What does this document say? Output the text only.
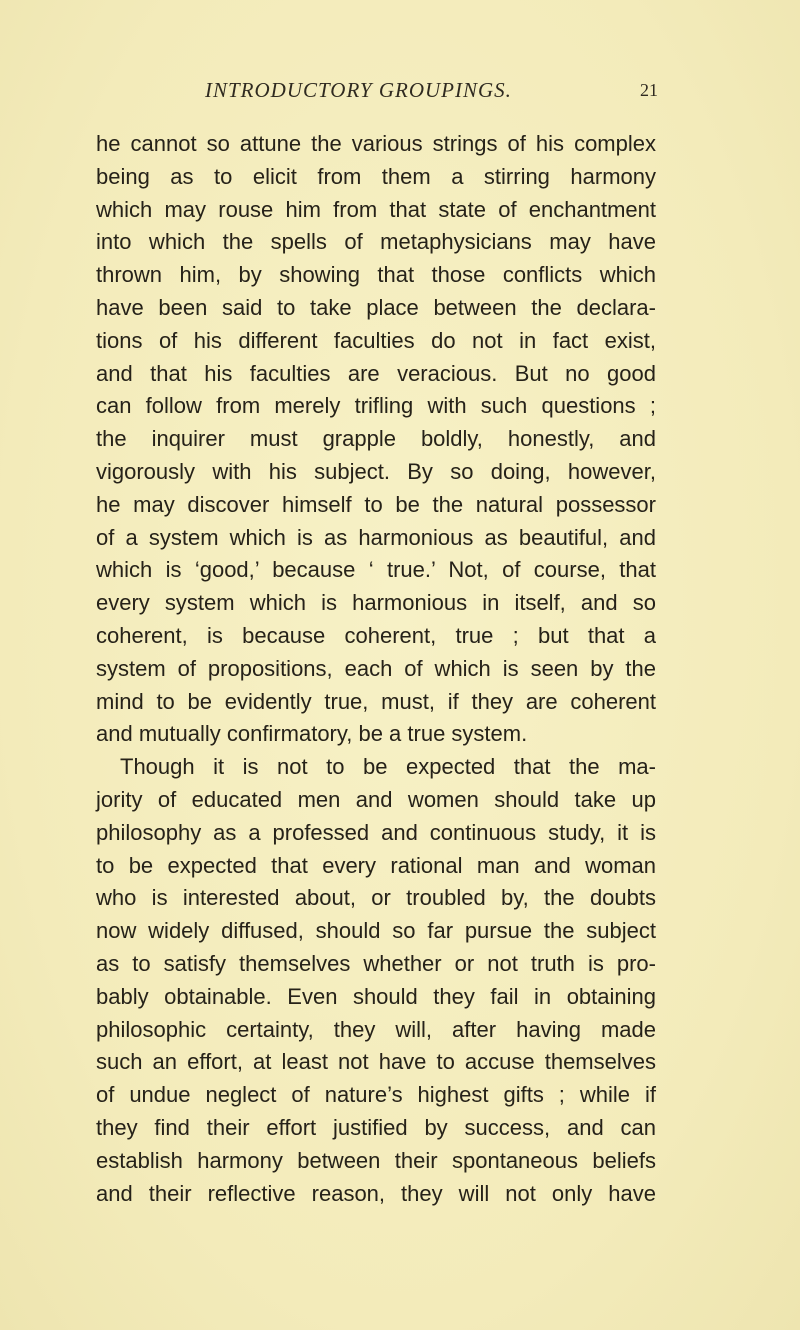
INTRODUCTORY GROUPINGS.	21
he cannot so attune the various strings of his complex
being as to elicit from them a stirring harmony
which may rouse him from that state of enchantment
into which the spells of metaphysicians may have
thrown him, by showing that those conflicts which
have been said to take place between the declara-
tions of his different faculties do not in fact exist,
and that his faculties are veracious. But no good
can follow from merely trifling with such questions ;
the inquirer must grapple boldly, honestly, and
vigorously with his subject. By so doing, however,
he may discover himself to be the natural possessor
of a system which is as harmonious as beautiful, and
which is ‘good,’ because ‘ true.’ Not, of course, that
every system which is harmonious in itself, and so
coherent, is because coherent, true ; but that a
system of propositions, each of which is seen by the
mind to be evidently true, must, if they are coherent
and mutually confirmatory, be a true system.
Though it is not to be expected that the ma-
jority of educated men and women should take up
philosophy as a professed and continuous study, it is
to be expected that every rational man and woman
who is interested about, or troubled by, the doubts
now widely diffused, should so far pursue the subject
as to satisfy themselves whether or not truth is pro-
bably obtainable. Even should they fail in obtaining
philosophic certainty, they will, after having made
such an effort, at least not have to accuse themselves
of undue neglect of nature’s highest gifts ; while if
they find their effort justified by success, and can
establish harmony between their spontaneous beliefs
and their reflective reason, they will not only have
